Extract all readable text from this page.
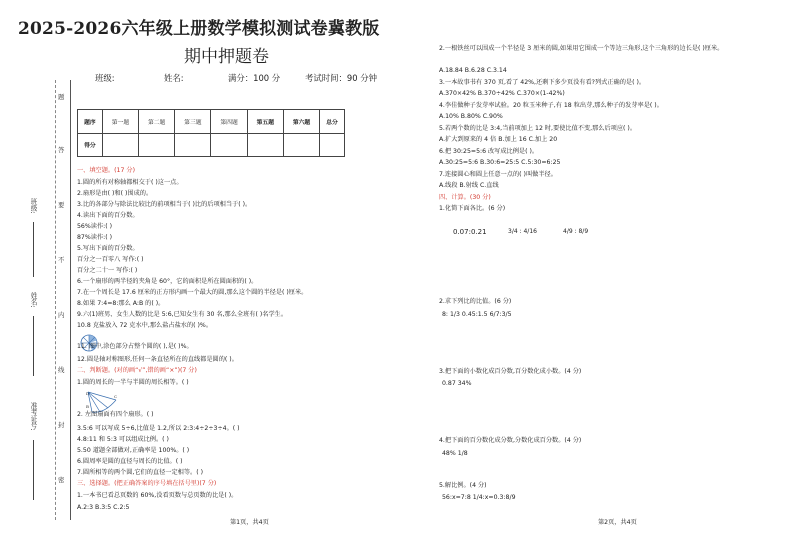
班级:
姓名:
准考证号:
题
答
要
不
内
线
封
密
2025-2026六年级上册数学模拟测试卷冀教版
期中押题卷
班级:	姓名:	满分：100 分	考试时间：90 分钟
题序	第一题	第二题	第三题	第四题	第五题	第六题	总分
得分							
一、填空题。(17 分)
1.圆的所有对称轴都相交于( )这一点。
2.扇形是由( )和( )围成的。
3.比的各部分与除法比较比的前项相当于( )比的后项相当于( )。
4.读出下面的百分数。
56%读作:( )
87%读作:( )
5.写出下面的百分数。
百分之一百零八 写作:( )
百分之二十一 写作:( )
6.一个扇形的两半径的夹角是 60°，它的面积是所在圆面积的( )。
7.在一个周长是 17.6 厘米的正方形内画一个最大的圆,那么这个圆的半径是( )厘米。
8.如果 7:4=8:那么 A:B 的( )。
9.六(1)班男、女生人数的比是 5:6,已知女生有 30 名,那么全班有( )名学生。
10.8 克盐放入 72 克水中,那么盐占盐水的( )%。
11. 图中,涂色部分占整个圆的( ),是( )%。
12.圆是轴对称图形,任何一条直径所在的直线都是圆的( )。
二、判断题。(对的画“√”,错的画“×”)(7 分)
1.圆的周长的一半与半圆的周长相等。( )
D
B
C
2. 左图扇面有四个扇形。( )
3.5:6 可以写成 5÷6,比值是 1.2,所以 2:3:4÷2÷3÷4。( )
4.8:11 和 5:3 可以组成比例。( )
5.50 道题全部做对,正确率是 100%。( )
6.圆周率是圆的直径与周长的比值。( )
7.圆所相等的两个圆,它们的直径一定相等。( )
三、选择题。(把正确答案的序号填在括号里)(7 分)
1.一本书已看总页数的 60%,没看页数与总页数的比是( )。
A.2:3 B.3:5 C.2:5
第1页，共4页
2.一根铁丝可以围成一个半径是 3 厘米的圆,如果用它围成一个等边三角形,这个三角形的边长是( )厘米。
A.18.84 B.6.28 C.3.14
3.一本故事书有 370 页,看了 42%,还剩下多少页没有看?列式正确的是( )。
A.370×42% B.370÷42% C.370×(1-42%)
4.李佳做种子发芽率试验。20 粒玉米种子,有 18 粒出芽,那么种子的发芽率是( )。
A.10% B.80% C.90%
5.若两个数的比是 3:4,当前项加上 12 时,要使比值不变,那么后项应( )。
A.扩大到原来的 4 倍 B.加上 16 C.加上 20
6.把 30:25=5:6 改写成比例是( )。
A.30:25=5:6 B.30:6=25:5 C.5:30=6:25
7.连接圆心和圆上任意一点的( )叫做半径。
A.线段 B.射线 C.直线
四、计算。(30 分)
1.化简下面各比。(6 分)
0.07:0.21	3/4 : 4/16	4/9 : 8/9
2.求下列比的比值。(6 分)
8: 1/3 0.45:1.5 6/7:3/5
3.把下面的小数化成百分数,百分数化成小数。(4 分)
0.87 34%
4.把下面的百分数化成分数,分数化成百分数。(4 分)
48% 1/8
5.解比例。(4 分)
56:x=7:8 1/4:x=0.3:8/9
第2页，共4页
